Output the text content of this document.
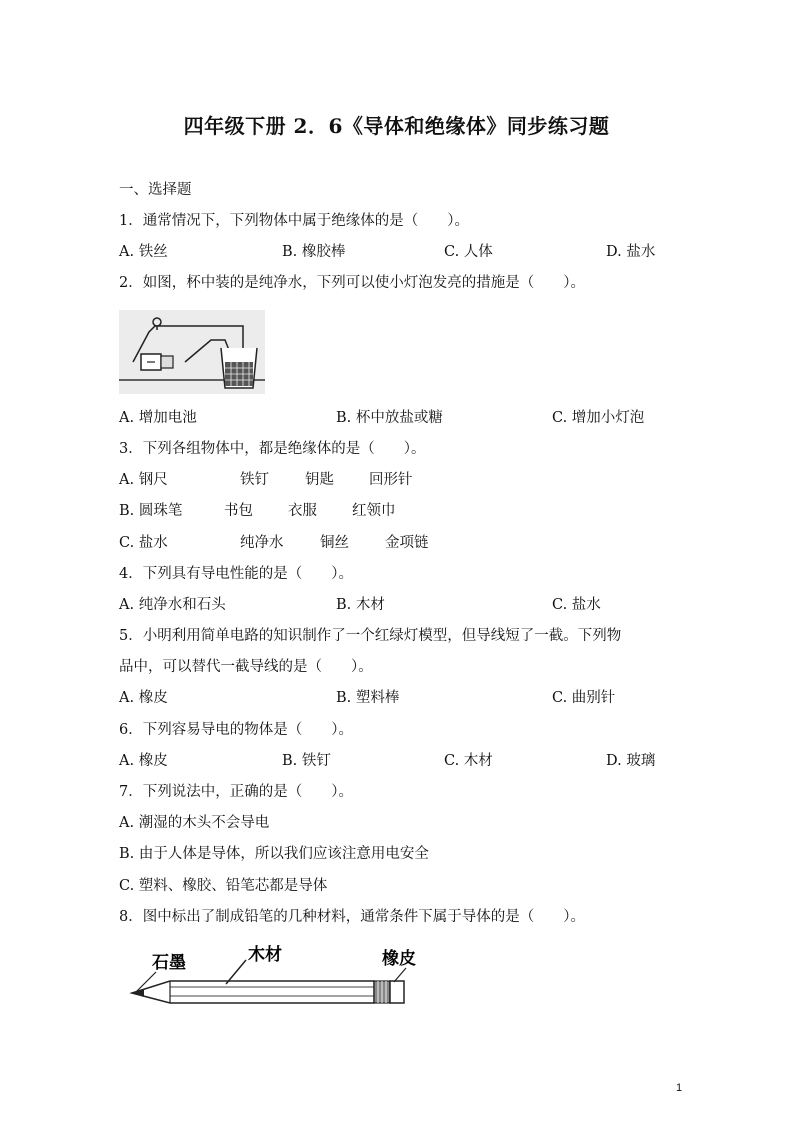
四年级下册 2．6《导体和绝缘体》同步练习题
一、选择题
1．通常情况下，下列物体中属于绝缘体的是（　　）。
A. 铁丝	B. 橡胶棒	C. 人体	D. 盐水
2．如图，杯中装的是纯净水，下列可以使小灯泡发亮的措施是（　　）。
A. 增加电池	B. 杯中放盐或糖	C. 增加小灯泡
3．下列各组物体中，都是绝缘体的是（　　）。
A. 钢尺	铁钉 钥匙 回形针
B. 圆珠笔	书包 衣服 红领巾
C. 盐水	纯净水	铜丝 金项链
4．下列具有导电性能的是（　　）。
A. 纯净水和石头	B. 木材	C. 盐水
5．小明利用简单电路的知识制作了一个红绿灯模型，但导线短了一截。下列物
品中，可以替代一截导线的是（　　）。
A. 橡皮	B. 塑料棒	C. 曲别针
6．下列容易导电的物体是（　　）。
A. 橡皮	B. 铁钉	C. 木材	D. 玻璃
7．下列说法中，正确的是（　　）。
A. 潮湿的木头不会导电
B. 由于人体是导体，所以我们应该注意用电安全
C. 塑料、橡胶、铅笔芯都是导体
8．图中标出了制成铅笔的几种材料，通常条件下属于导体的是（　　）。
石墨	木材	橡皮
1
